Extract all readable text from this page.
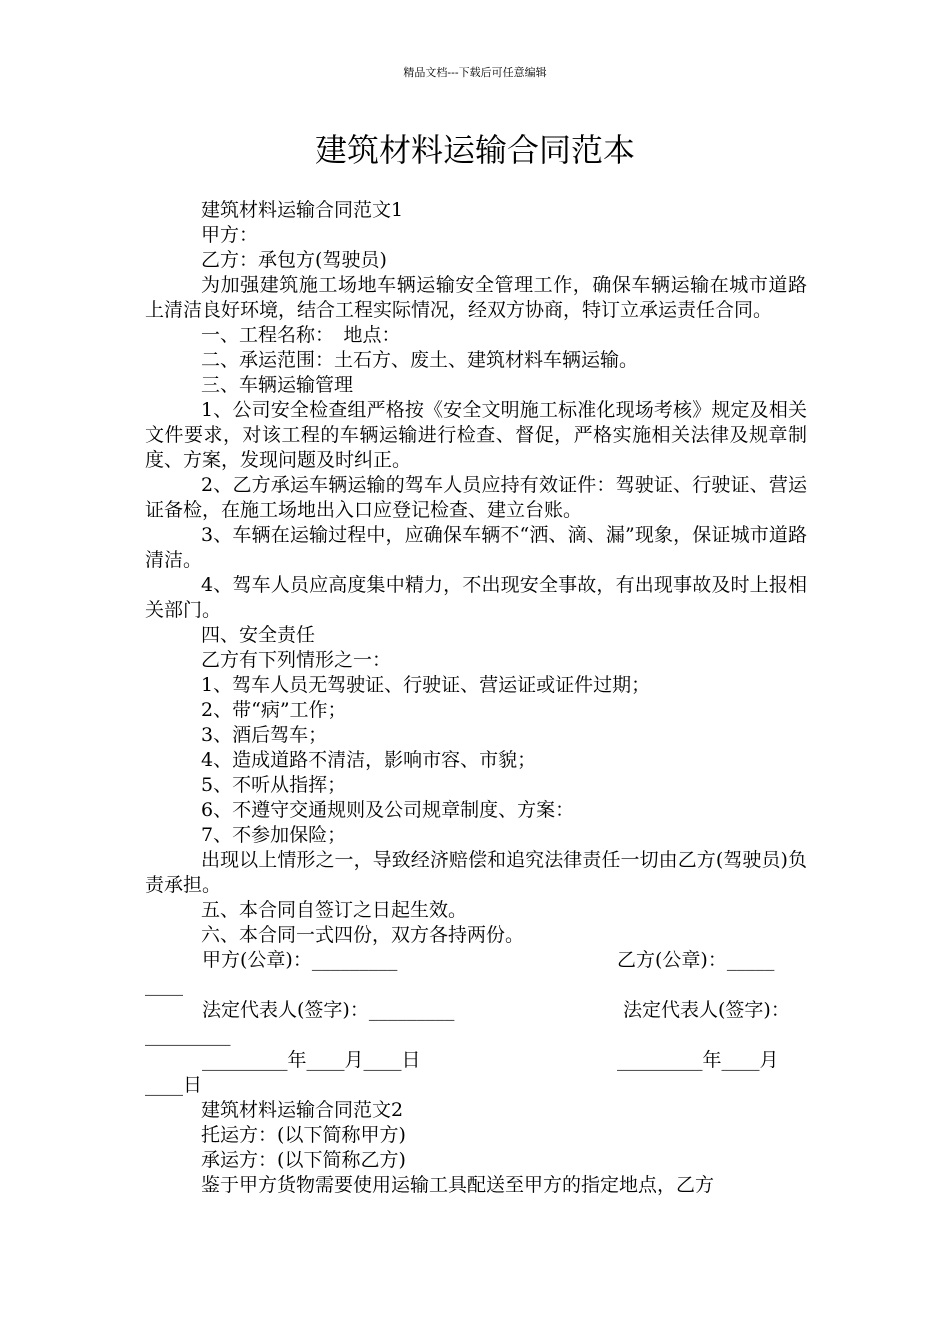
精品文档---下载后可任意编辑
建筑材料运输合同范本

建筑材料运输合同范文1

甲方：

乙方：承包方(驾驶员)

为加强建筑施工场地车辆运输安全管理工作，确保车辆运输在城市道路上清洁良好环境，结合工程实际情况，经双方协商，特订立承运责任合同。

一、工程名称：　地点：

二、承运范围：土石方、废土、建筑材料车辆运输。

三、车辆运输管理

1、公司安全检查组严格按《安全文明施工标准化现场考核》规定及相关文件要求，对该工程的车辆运输进行检查、督促，严格实施相关法律及规章制度、方案，发现问题及时纠正。

2、乙方承运车辆运输的驾车人员应持有效证件：驾驶证、行驶证、营运证备检，在施工场地出入口应登记检查、建立台账。

3、车辆在运输过程中，应确保车辆不“洒、滴、漏”现象，保证城市道路清洁。

4、驾车人员应高度集中精力，不出现安全事故，有出现事故及时上报相关部门。

四、安全责任

乙方有下列情形之一：

1、驾车人员无驾驶证、行驶证、营运证或证件过期；

2、带“病”工作；

3、酒后驾车；

4、造成道路不清洁，影响市容、市貌；

5、不听从指挥；

6、不遵守交通规则及公司规章制度、方案：

7、不参加保险；

出现以上情形之一，导致经济赔偿和追究法律责任一切由乙方(驾驶员)负责承担。

五、本合同自签订之日起生效。

六、本合同一式四份，双方各持两份。

甲方(公章)：_________	乙方(公章)：_____
____
法定代表人(签字)：_________	法定代表人(签字)：
_________
_________年____月____日	_________年____月
____日

建筑材料运输合同范文2

托运方：(以下简称甲方)

承运方：(以下简称乙方)

鉴于甲方货物需要使用运输工具配送至甲方的指定地点，乙方
